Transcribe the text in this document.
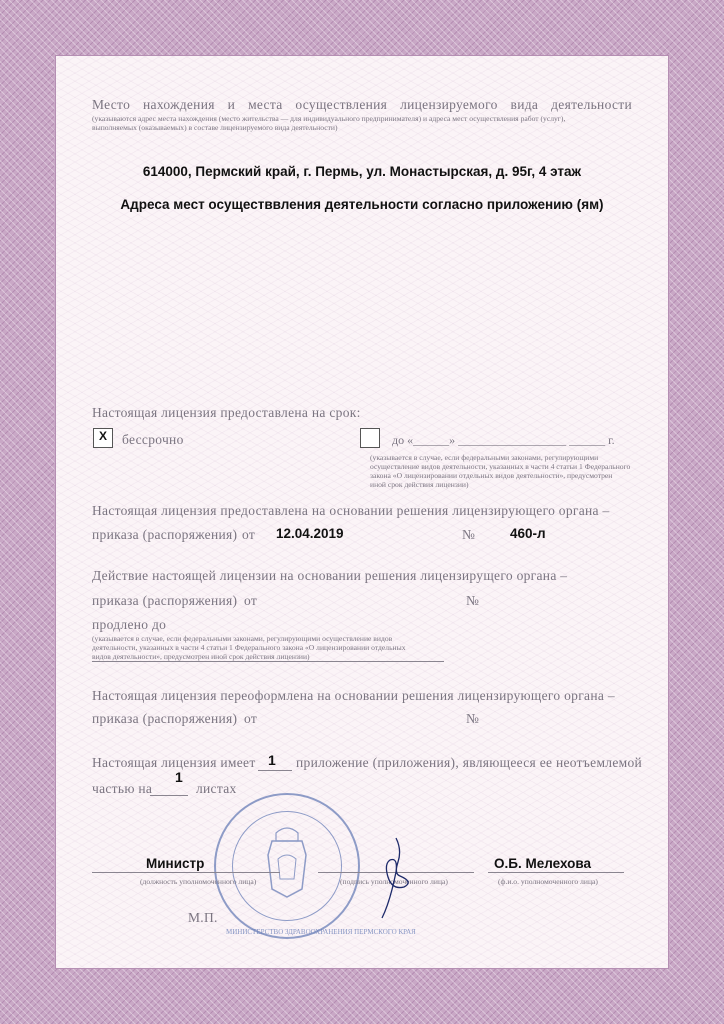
Место нахождения и места осуществления лицензируемого вида деятельности
(указываются адрес места нахождения (место жительства — для индивидуального предпринимателя) и адреса мест осуществления работ (услуг),
выполняемых (оказываемых) в составе лицензируемого вида деятельности)
614000, Пермский край, г. Пермь, ул. Монастырская, д. 95г, 4 этаж
Адреса мест осуществвления деятельности согласно приложению (ям)
Настоящая лицензия предоставлена на срок:
Х	бессрочно	до «______» __________________ ______ г.
(указывается в случае, если федеральными законами, регулирующими
осуществление видов деятельности, указанных в части 4 статьи 1 Федерального
закона «О лицензировании отдельных видов деятельности», предусмотрен
иной срок действия лицензии)
Настоящая лицензия предоставлена на основании решения лицензирующего органа –
приказа (распоряжения) от 12.04.2019	№	460-л
Действие настоящей лицензии на основании решения лицензирущего органа –
приказа (распоряжения) от	№
продлено до
(указывается в случае, если федеральными законами, регулирующими осуществление видов
деятельности, указанных в части 4 статьи 1 Федерального закона «О лицензировании отдельных
видов деятельности», предусмотрен иной срок действия лицензии)
Настоящая лицензия переоформлена на основании решения лицензирующего органа –
приказа (распоряжения) от	№
Настоящая лицензия имеет 1 приложение (приложения), являющееся ее неотъемлемой
частью на
1
листах
МИНИСТЕРСТВО ЗДРАВООХРАНЕНИЯ ПЕРМСКОГО КРАЯ
Министр
(должность уполномоченного лица)	(подпись уполномоченного лица)
О.Б. Мелехова
(ф.и.о. уполномоченного лица)
М.П.
